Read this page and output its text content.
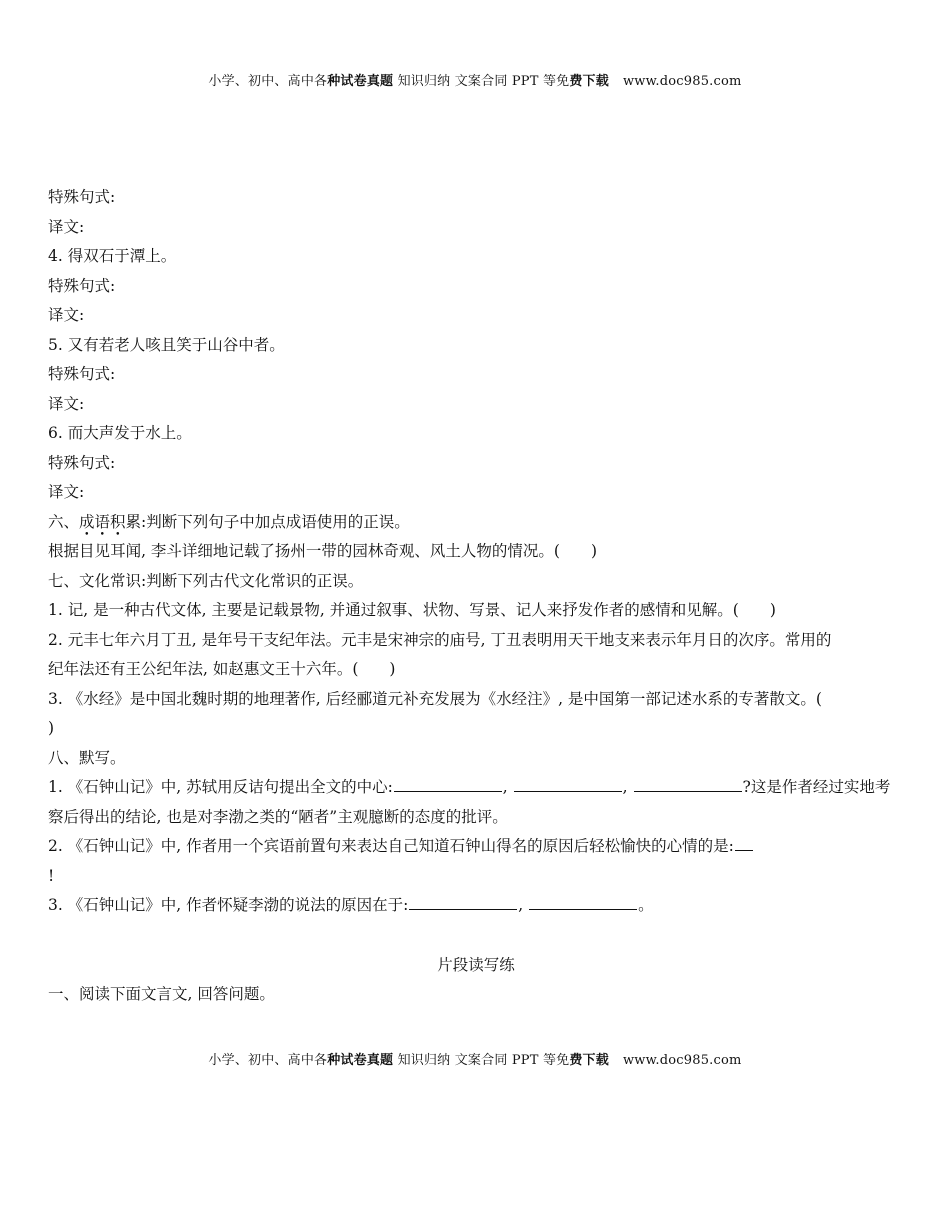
小学、初中、高中各种试卷真题 知识归纳 文案合同 PPT 等免费下载 www.doc985.com
特殊句式:
译文:
4. 得双石于潭上。
特殊句式:
译文:
5. 又有若老人咳且笑于山谷中者。
特殊句式:
译文:
6. 而大声发于水上。
特殊句式:
译文:
六、成语积累:判断下列句子中加点成语使用的正误。
根据目见耳闻, 李斗详细地记载了扬州一带的园林奇观、风土人物的情况。(　　)
七、文化常识:判断下列古代文化常识的正误。
1. 记, 是一种古代文体, 主要是记载景物, 并通过叙事、状物、写景、记人来抒发作者的感情和见解。(　　)
2. 元丰七年六月丁丑, 是年号干支纪年法。元丰是宋神宗的庙号, 丁丑表明用天干地支来表示年月日的次序。常用的
纪年法还有王公纪年法, 如赵惠文王十六年。(　　)
3. 《水经》是中国北魏时期的地理著作, 后经郦道元补充发展为《水经注》, 是中国第一部记述水系的专著散文。(
)
八、默写。
1. 《石钟山记》中, 苏轼用反诘句提出全文的中心:	,	,	?这是作者经过实地考
察后得出的结论, 也是对李渤之类的“陋者”主观臆断的态度的批评。
2. 《石钟山记》中, 作者用一个宾语前置句来表达自己知道石钟山得名的原因后轻松愉快的心情的是:
!
3. 《石钟山记》中, 作者怀疑李渤的说法的原因在于:	,	。
片段读写练
一、阅读下面文言文, 回答问题。
小学、初中、高中各种试卷真题 知识归纳 文案合同 PPT 等免费下载 www.doc985.com
